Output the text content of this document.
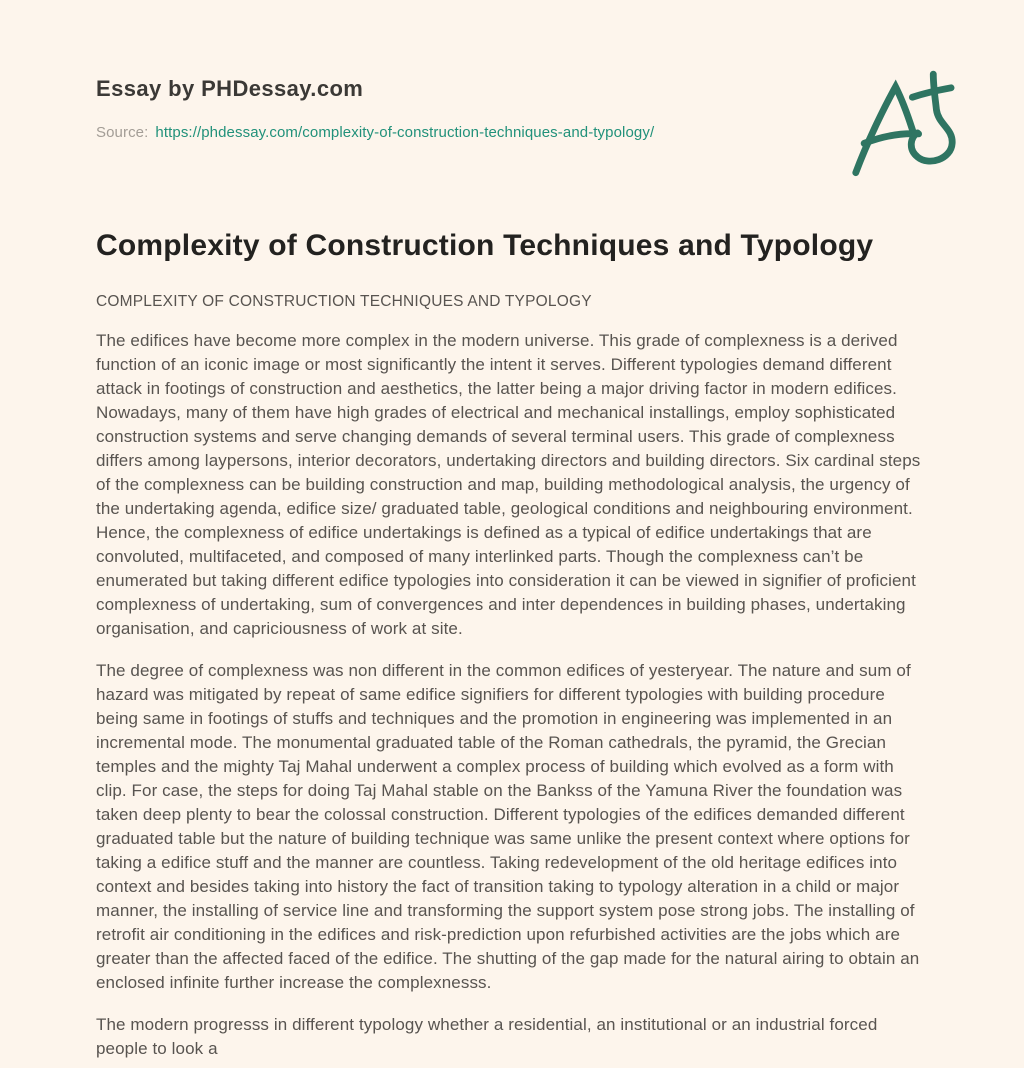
Essay by PHDessay.com
Source: https://phdessay.com/complexity-of-construction-techniques-and-typology/
Complexity of Construction Techniques and Typology

COMPLEXITY OF CONSTRUCTION TECHNIQUES AND TYPOLOGY

The edifices have become more complex in the modern universe. This grade of complexness is a derived function of an iconic image or most significantly the intent it serves. Different typologies demand different attack in footings of construction and aesthetics, the latter being a major driving factor in modern edifices. Nowadays, many of them have high grades of electrical and mechanical installings, employ sophisticated construction systems and serve changing demands of several terminal users. This grade of complexness differs among laypersons, interior decorators, undertaking directors and building directors. Six cardinal steps of the complexness can be building construction and map, building methodological analysis, the urgency of the undertaking agenda, edifice size/ graduated table, geological conditions and neighbouring environment. Hence, the complexness of edifice undertakings is defined as a typical of edifice undertakings that are convoluted, multifaceted, and composed of many interlinked parts. Though the complexness can’t be enumerated but taking different edifice typologies into consideration it can be viewed in signifier of proficient complexness of undertaking, sum of convergences and inter dependences in building phases, undertaking organisation, and capriciousness of work at site.

The degree of complexness was non different in the common edifices of yesteryear. The nature and sum of hazard was mitigated by repeat of same edifice signifiers for different typologies with building procedure being same in footings of stuffs and techniques and the promotion in engineering was implemented in an incremental mode. The monumental graduated table of the Roman cathedrals, the pyramid, the Grecian temples and the mighty Taj Mahal underwent a complex process of building which evolved as a form with clip. For case, the steps for doing Taj Mahal stable on the Bankss of the Yamuna River the foundation was taken deep plenty to bear the colossal construction. Different typologies of the edifices demanded different graduated table but the nature of building technique was same unlike the present context where options for taking a edifice stuff and the manner are countless. Taking redevelopment of the old heritage edifices into context and besides taking into history the fact of transition taking to typology alteration in a child or major manner, the installing of service line and transforming the support system pose strong jobs. The installing of retrofit air conditioning in the edifices and risk-prediction upon refurbished activities are the jobs which are greater than the affected faced of the edifice. The shutting of the gap made for the natural airing to obtain an enclosed infinite further increase the complexnesss.

The modern progresss in different typology whether a residential, an institutional or an industrial forced people to look a
